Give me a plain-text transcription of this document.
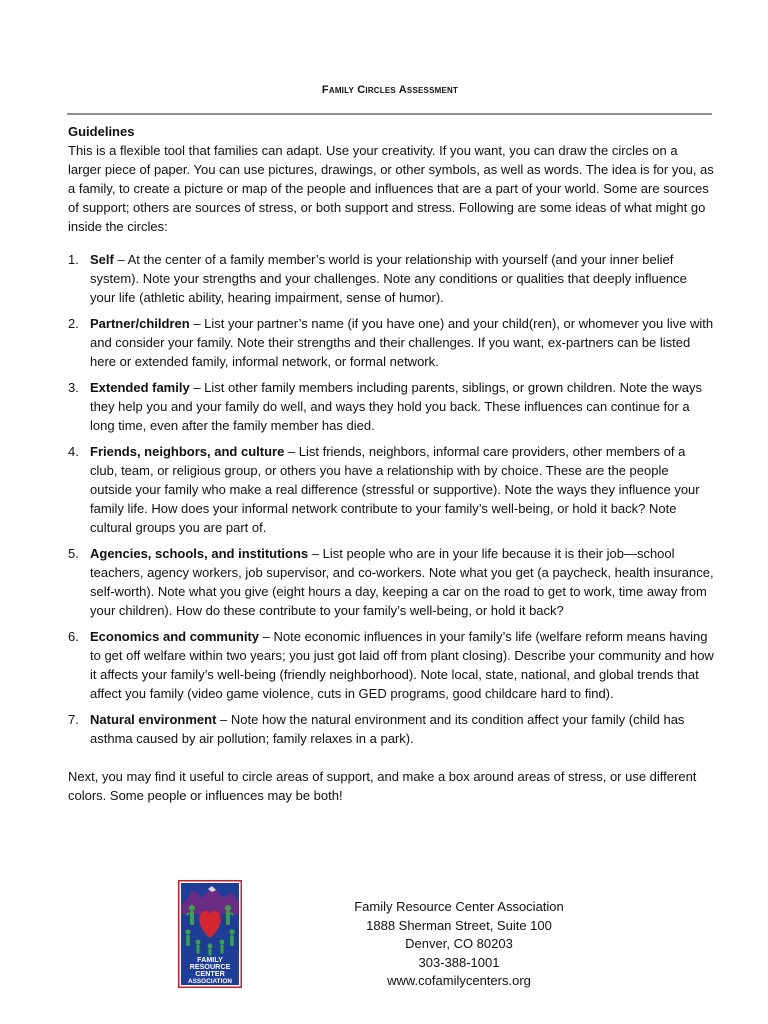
Family Circles Assessment
Guidelines

This is a flexible tool that families can adapt. Use your creativity. If you want, you can draw the circles on a larger piece of paper. You can use pictures, drawings, or other symbols, as well as words. The idea is for you, as a family, to create a picture or map of the people and influences that are a part of your world. Some are sources of support; others are sources of stress, or both support and stress. Following are some ideas of what might go inside the circles:

1. Self – At the center of a family member’s world is your relationship with yourself (and your inner belief system). Note your strengths and your challenges. Note any conditions or qualities that deeply influence your life (athletic ability, hearing impairment, sense of humor).
2. Partner/children – List your partner’s name (if you have one) and your child(ren), or whomever you live with and consider your family. Note their strengths and their challenges. If you want, ex-partners can be listed here or extended family, informal network, or formal network.
3. Extended family – List other family members including parents, siblings, or grown children. Note the ways they help you and your family do well, and ways they hold you back. These influences can continue for a long time, even after the family member has died.
4. Friends, neighbors, and culture – List friends, neighbors, informal care providers, other members of a club, team, or religious group, or others you have a relationship with by choice. These are the people outside your family who make a real difference (stressful or supportive). Note the ways they influence your family life. How does your informal network contribute to your family’s well-being, or hold it back? Note cultural groups you are part of.
5. Agencies, schools, and institutions – List people who are in your life because it is their job—school teachers, agency workers, job supervisor, and co-workers. Note what you get (a paycheck, health insurance, self-worth). Note what you give (eight hours a day, keeping a car on the road to get to work, time away from your children). How do these contribute to your family’s well-being, or hold it back?
6. Economics and community – Note economic influences in your family’s life (welfare reform means having to get off welfare within two years; you just got laid off from plant closing). Describe your community and how it affects your family’s well-being (friendly neighborhood). Note local, state, national, and global trends that affect you family (video game violence, cuts in GED programs, good childcare hard to find).
7. Natural environment – Note how the natural environment and its condition affect your family (child has asthma caused by air pollution; family relaxes in a park).

Next, you may find it useful to circle areas of support, and make a box around areas of stress, or use different colors. Some people or influences may be both!

FAMILY
RESOURCE
CENTER
ASSOCIATION
Family Resource Center Association
1888 Sherman Street, Suite 100
Denver, CO 80203
303-388-1001
www.cofamilycenters.org
